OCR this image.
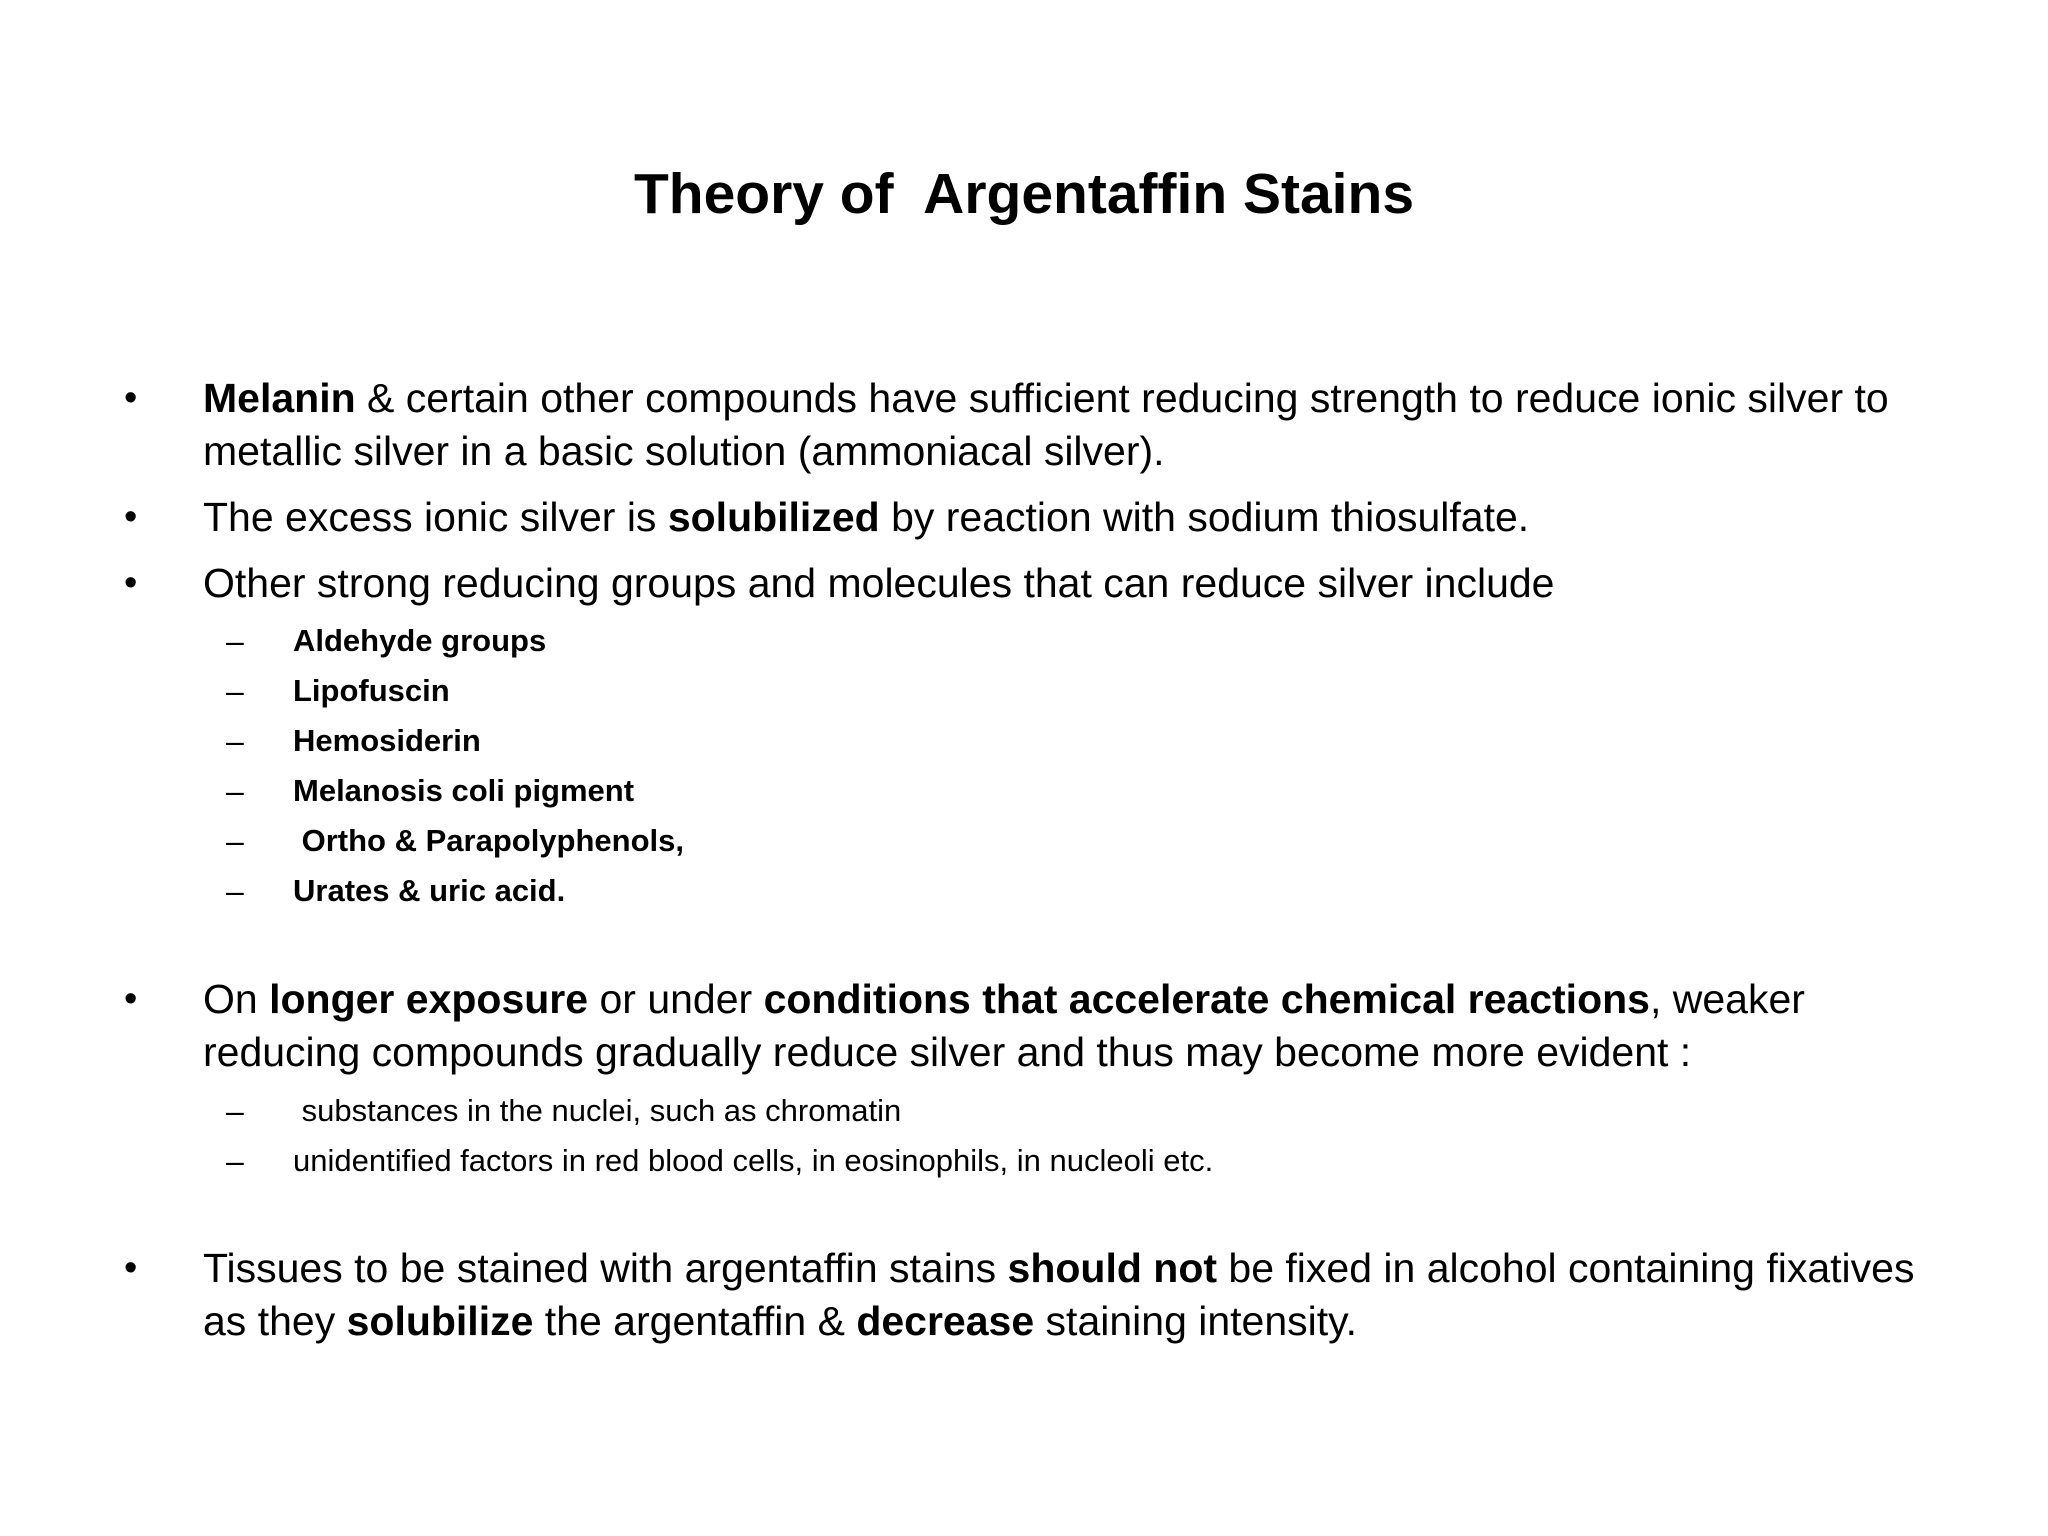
Theory of  Argentaffin Stains
• Melanin & certain other compounds have sufficient reducing strength to reduce ionic silver to metallic silver in a basic solution (ammoniacal silver).
• The excess ionic silver is solubilized by reaction with sodium thiosulfate.
• Other strong reducing groups and molecules that can reduce silver include
– Aldehyde groups
– Lipofuscin
– Hemosiderin
– Melanosis coli pigment
– Ortho & Parapolyphenols,
– Urates & uric acid.
• On longer exposure or under conditions that accelerate chemical reactions, weaker reducing compounds gradually reduce silver and thus may become more evident :
– substances in the nuclei, such as chromatin
– unidentified factors in red blood cells, in eosinophils, in nucleoli etc.
• Tissues to be stained with argentaffin stains should not be fixed in alcohol containing fixatives as they solubilize the argentaffin & decrease staining intensity.
